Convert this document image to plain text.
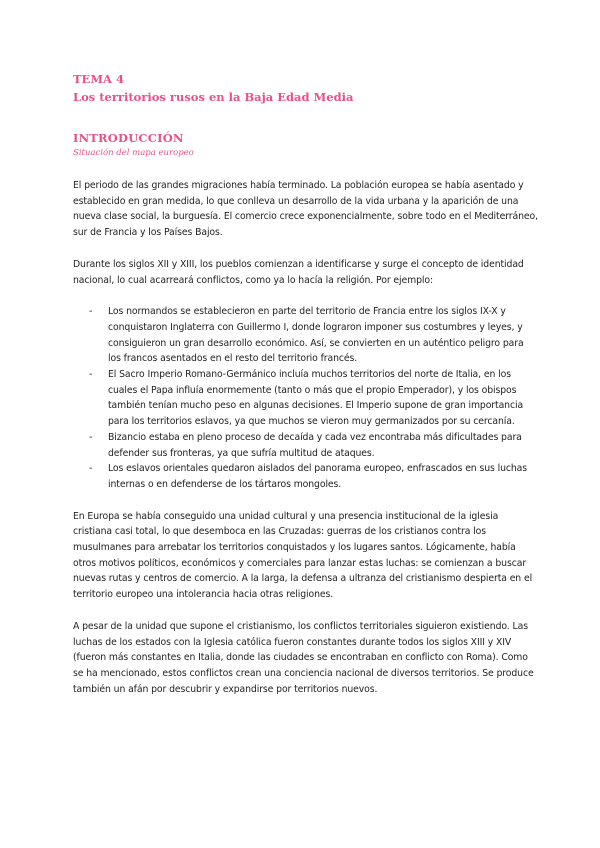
TEMA 4
Los territorios rusos en la Baja Edad Media
INTRODUCCIÓN
Situación del mapa europeo

El periodo de las grandes migraciones había terminado. La población europea se había asentado y establecido en gran medida, lo que conlleva un desarrollo de la vida urbana y la aparición de una nueva clase social, la burguesía. El comercio crece exponencialmente, sobre todo en el Mediterráneo, sur de Francia y los Países Bajos.

Durante los siglos XII y XIII, los pueblos comienzan a identificarse y surge el concepto de identidad nacional, lo cual acarreará conflictos, como ya lo hacía la religión. Por ejemplo:

- Los normandos se establecieron en parte del territorio de Francia entre los siglos IX-X y conquistaron Inglaterra con Guillermo I, donde lograron imponer sus costumbres y leyes, y consiguieron un gran desarrollo económico. Así, se convierten en un auténtico peligro para los francos asentados en el resto del territorio francés.
- El Sacro Imperio Romano-Germánico incluía muchos territorios del norte de Italia, en los cuales el Papa influía enormemente (tanto o más que el propio Emperador), y los obispos también tenían mucho peso en algunas decisiones. El Imperio supone de gran importancia para los territorios eslavos, ya que muchos se vieron muy germanizados por su cercanía.
- Bizancio estaba en pleno proceso de decaída y cada vez encontraba más dificultades para defender sus fronteras, ya que sufría multitud de ataques.
- Los eslavos orientales quedaron aislados del panorama europeo, enfrascados en sus luchas internas o en defenderse de los tártaros mongoles.

En Europa se había conseguido una unidad cultural y una presencia institucional de la iglesia cristiana casi total, lo que desemboca en las Cruzadas: guerras de los cristianos contra los musulmanes para arrebatar los territorios conquistados y los lugares santos. Lógicamente, había otros motivos políticos, económicos y comerciales para lanzar estas luchas: se comienzan a buscar nuevas rutas y centros de comercio. A la larga, la defensa a ultranza del cristianismo despierta en el territorio europeo una intolerancia hacia otras religiones.

A pesar de la unidad que supone el cristianismo, los conflictos territoriales siguieron existiendo. Las luchas de los estados con la Iglesia católica fueron constantes durante todos los siglos XIII y XIV (fueron más constantes en Italia, donde las ciudades se encontraban en conflicto con Roma). Como se ha mencionado, estos conflictos crean una conciencia nacional de diversos territorios. Se produce también un afán por descubrir y expandirse por territorios nuevos.
